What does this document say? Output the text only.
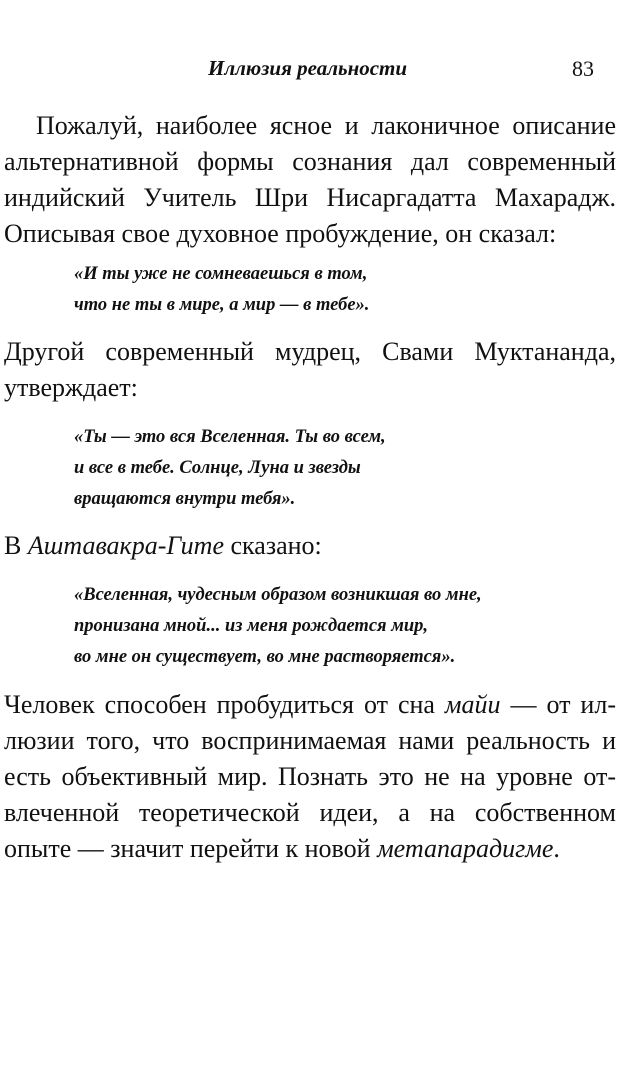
Иллюзия реальности	83
Пожалуй, наиболее ясное и лаконичное описание
альтернативной формы сознания дал современный
индийский Учитель Шри Нисаргадатта Махарадж.
Описывая свое духовное пробуждение, он сказал:
«И ты уже не сомневаешься в том,
что не ты в мире, а мир — в тебе».
Другой современный мудрец, Свами Муктананда,
утверждает:
«Ты — это вся Вселенная. Ты во всем,
и все в тебе. Солнце, Луна и звезды
вращаются внутри тебя».
В Аштавакра-Гите сказано:
«Вселенная, чудесным образом возникшая во мне,
пронизана мной... из меня рождается мир,
во мне он существует, во мне растворяется».
Человек способен пробудиться от сна майи — от ил-
люзии того, что воспринимаемая нами реальность и
есть объективный мир. Познать это не на уровне от-
влеченной теоретической идеи, а на собственном
опыте — значит перейти к новой метапарадигме.
